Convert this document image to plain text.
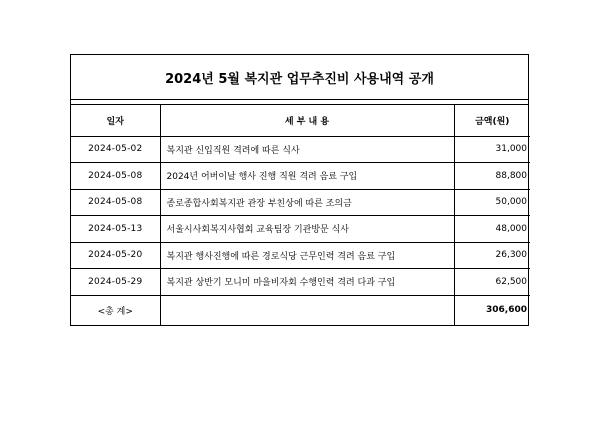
2024년 5월 복지관 업무추진비 사용내역 공개
일자	세 부 내 용	금액(원)
2024-05-02	복지관 신입직원 격려에 따른 식사	31,000
2024-05-08	2024년 어버이날 행사 진행 직원 격려 음료 구입	88,800
2024-05-08	종로종합사회복지관 관장 부친상에 따른 조의금	50,000
2024-05-13	서울시사회복지사협회 교육팀장 기관방문 식사	48,000
2024-05-20	복지관 행사진행에 따른 경로식당 근무인력 격려 음료 구입	26,300
2024-05-29	복지관 상반기 모니미 마을비자회 수행인력 격려 다과 구입	62,500
<총 계>		306,600
